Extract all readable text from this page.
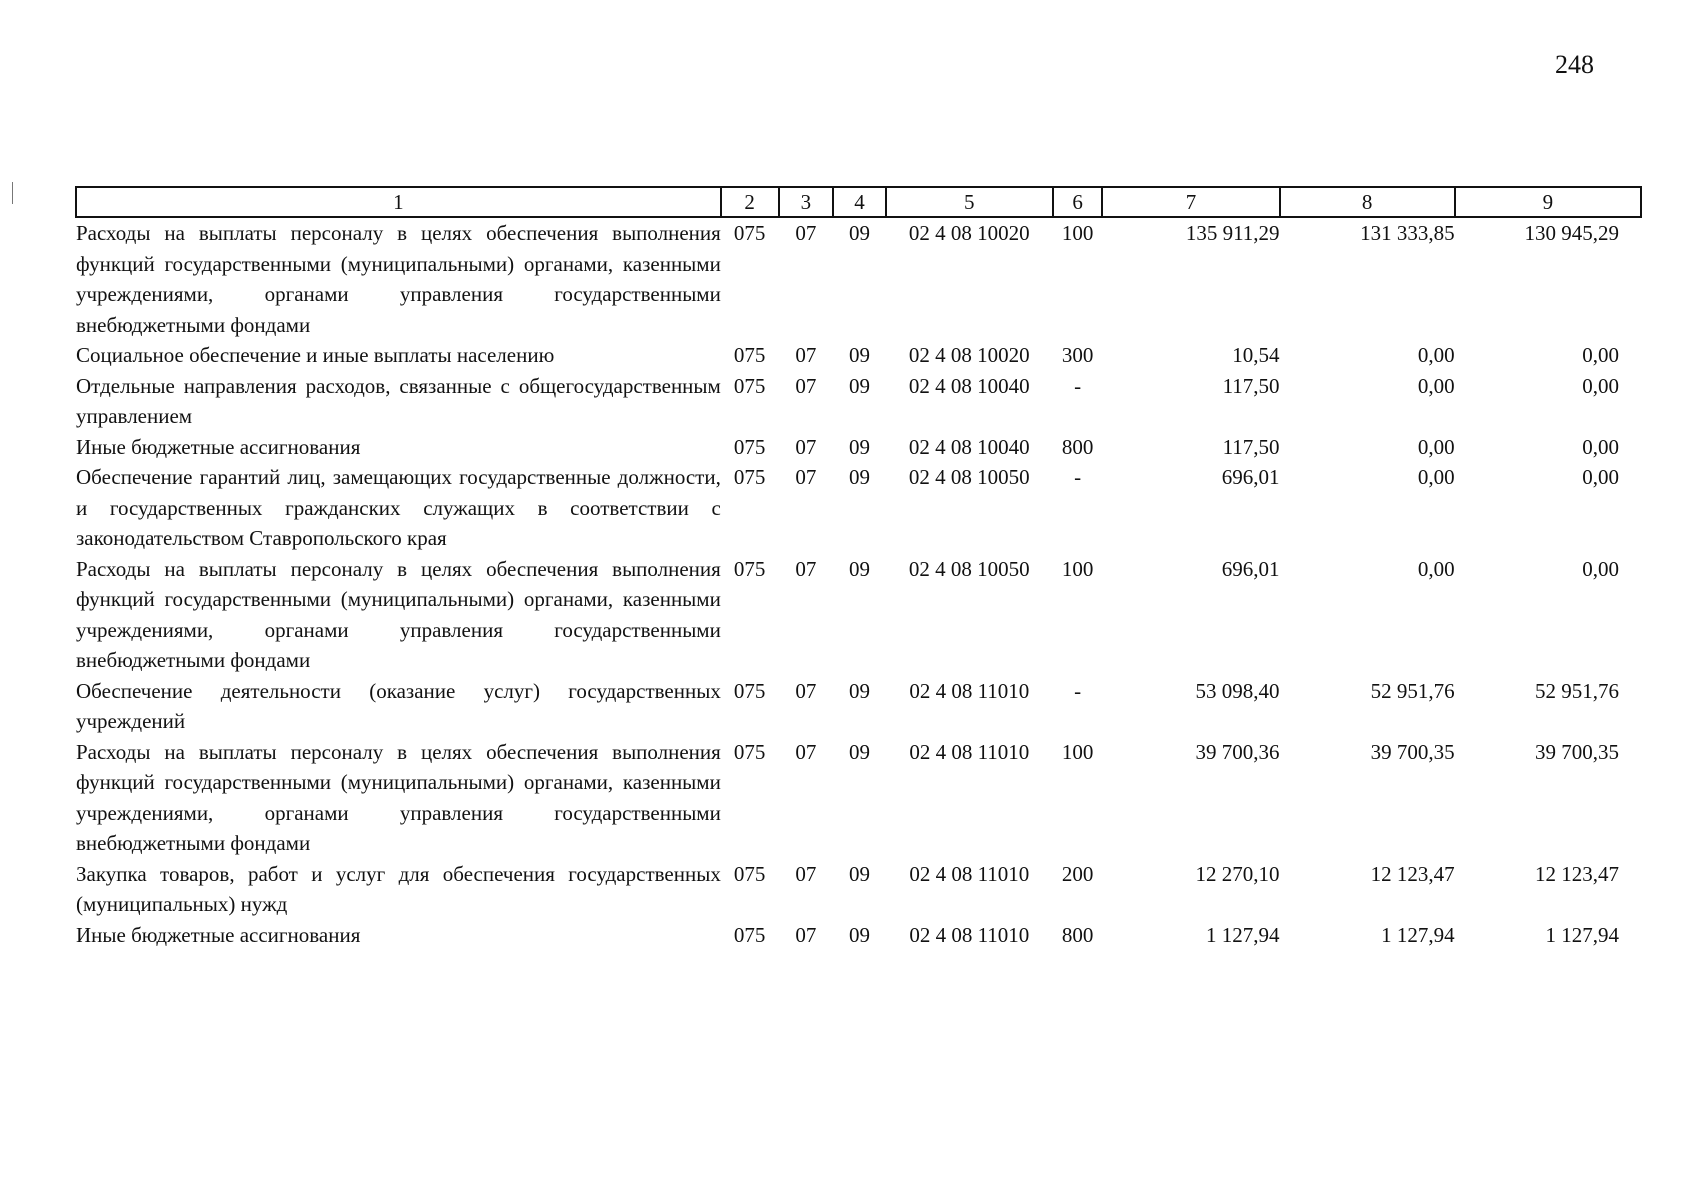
248
1	2	3	4	5	6	7	8	9
Расходы на выплаты персоналу в целях обеспечения выполнения функций государственными (муниципальными) органами, казенными учреждениями, органами управления государственными внебюджетными фондами	075	07	09	02 4 08 10020	100	135 911,29	131 333,85	130 945,29
Социальное обеспечение и иные выплаты населению	075	07	09	02 4 08 10020	300	10,54	0,00	0,00
Отдельные направления расходов, связанные с общегосударственным управлением	075	07	09	02 4 08 10040	-	117,50	0,00	0,00
Иные бюджетные ассигнования	075	07	09	02 4 08 10040	800	117,50	0,00	0,00
Обеспечение гарантий лиц, замещающих государственные должности, и государственных гражданских служащих в соответствии с законодательством Ставропольского края	075	07	09	02 4 08 10050	-	696,01	0,00	0,00
Расходы на выплаты персоналу в целях обеспечения выполнения функций государственными (муниципальными) органами, казенными учреждениями, органами управления государственными внебюджетными фондами	075	07	09	02 4 08 10050	100	696,01	0,00	0,00
Обеспечение деятельности (оказание услуг) государственных учреждений	075	07	09	02 4 08 11010	-	53 098,40	52 951,76	52 951,76
Расходы на выплаты персоналу в целях обеспечения выполнения функций государственными (муниципальными) органами, казенными учреждениями, органами управления государственными внебюджетными фондами	075	07	09	02 4 08 11010	100	39 700,36	39 700,35	39 700,35
Закупка товаров, работ и услуг для обеспечения государственных (муниципальных) нужд	075	07	09	02 4 08 11010	200	12 270,10	12 123,47	12 123,47
Иные бюджетные ассигнования	075	07	09	02 4 08 11010	800	1 127,94	1 127,94	1 127,94
